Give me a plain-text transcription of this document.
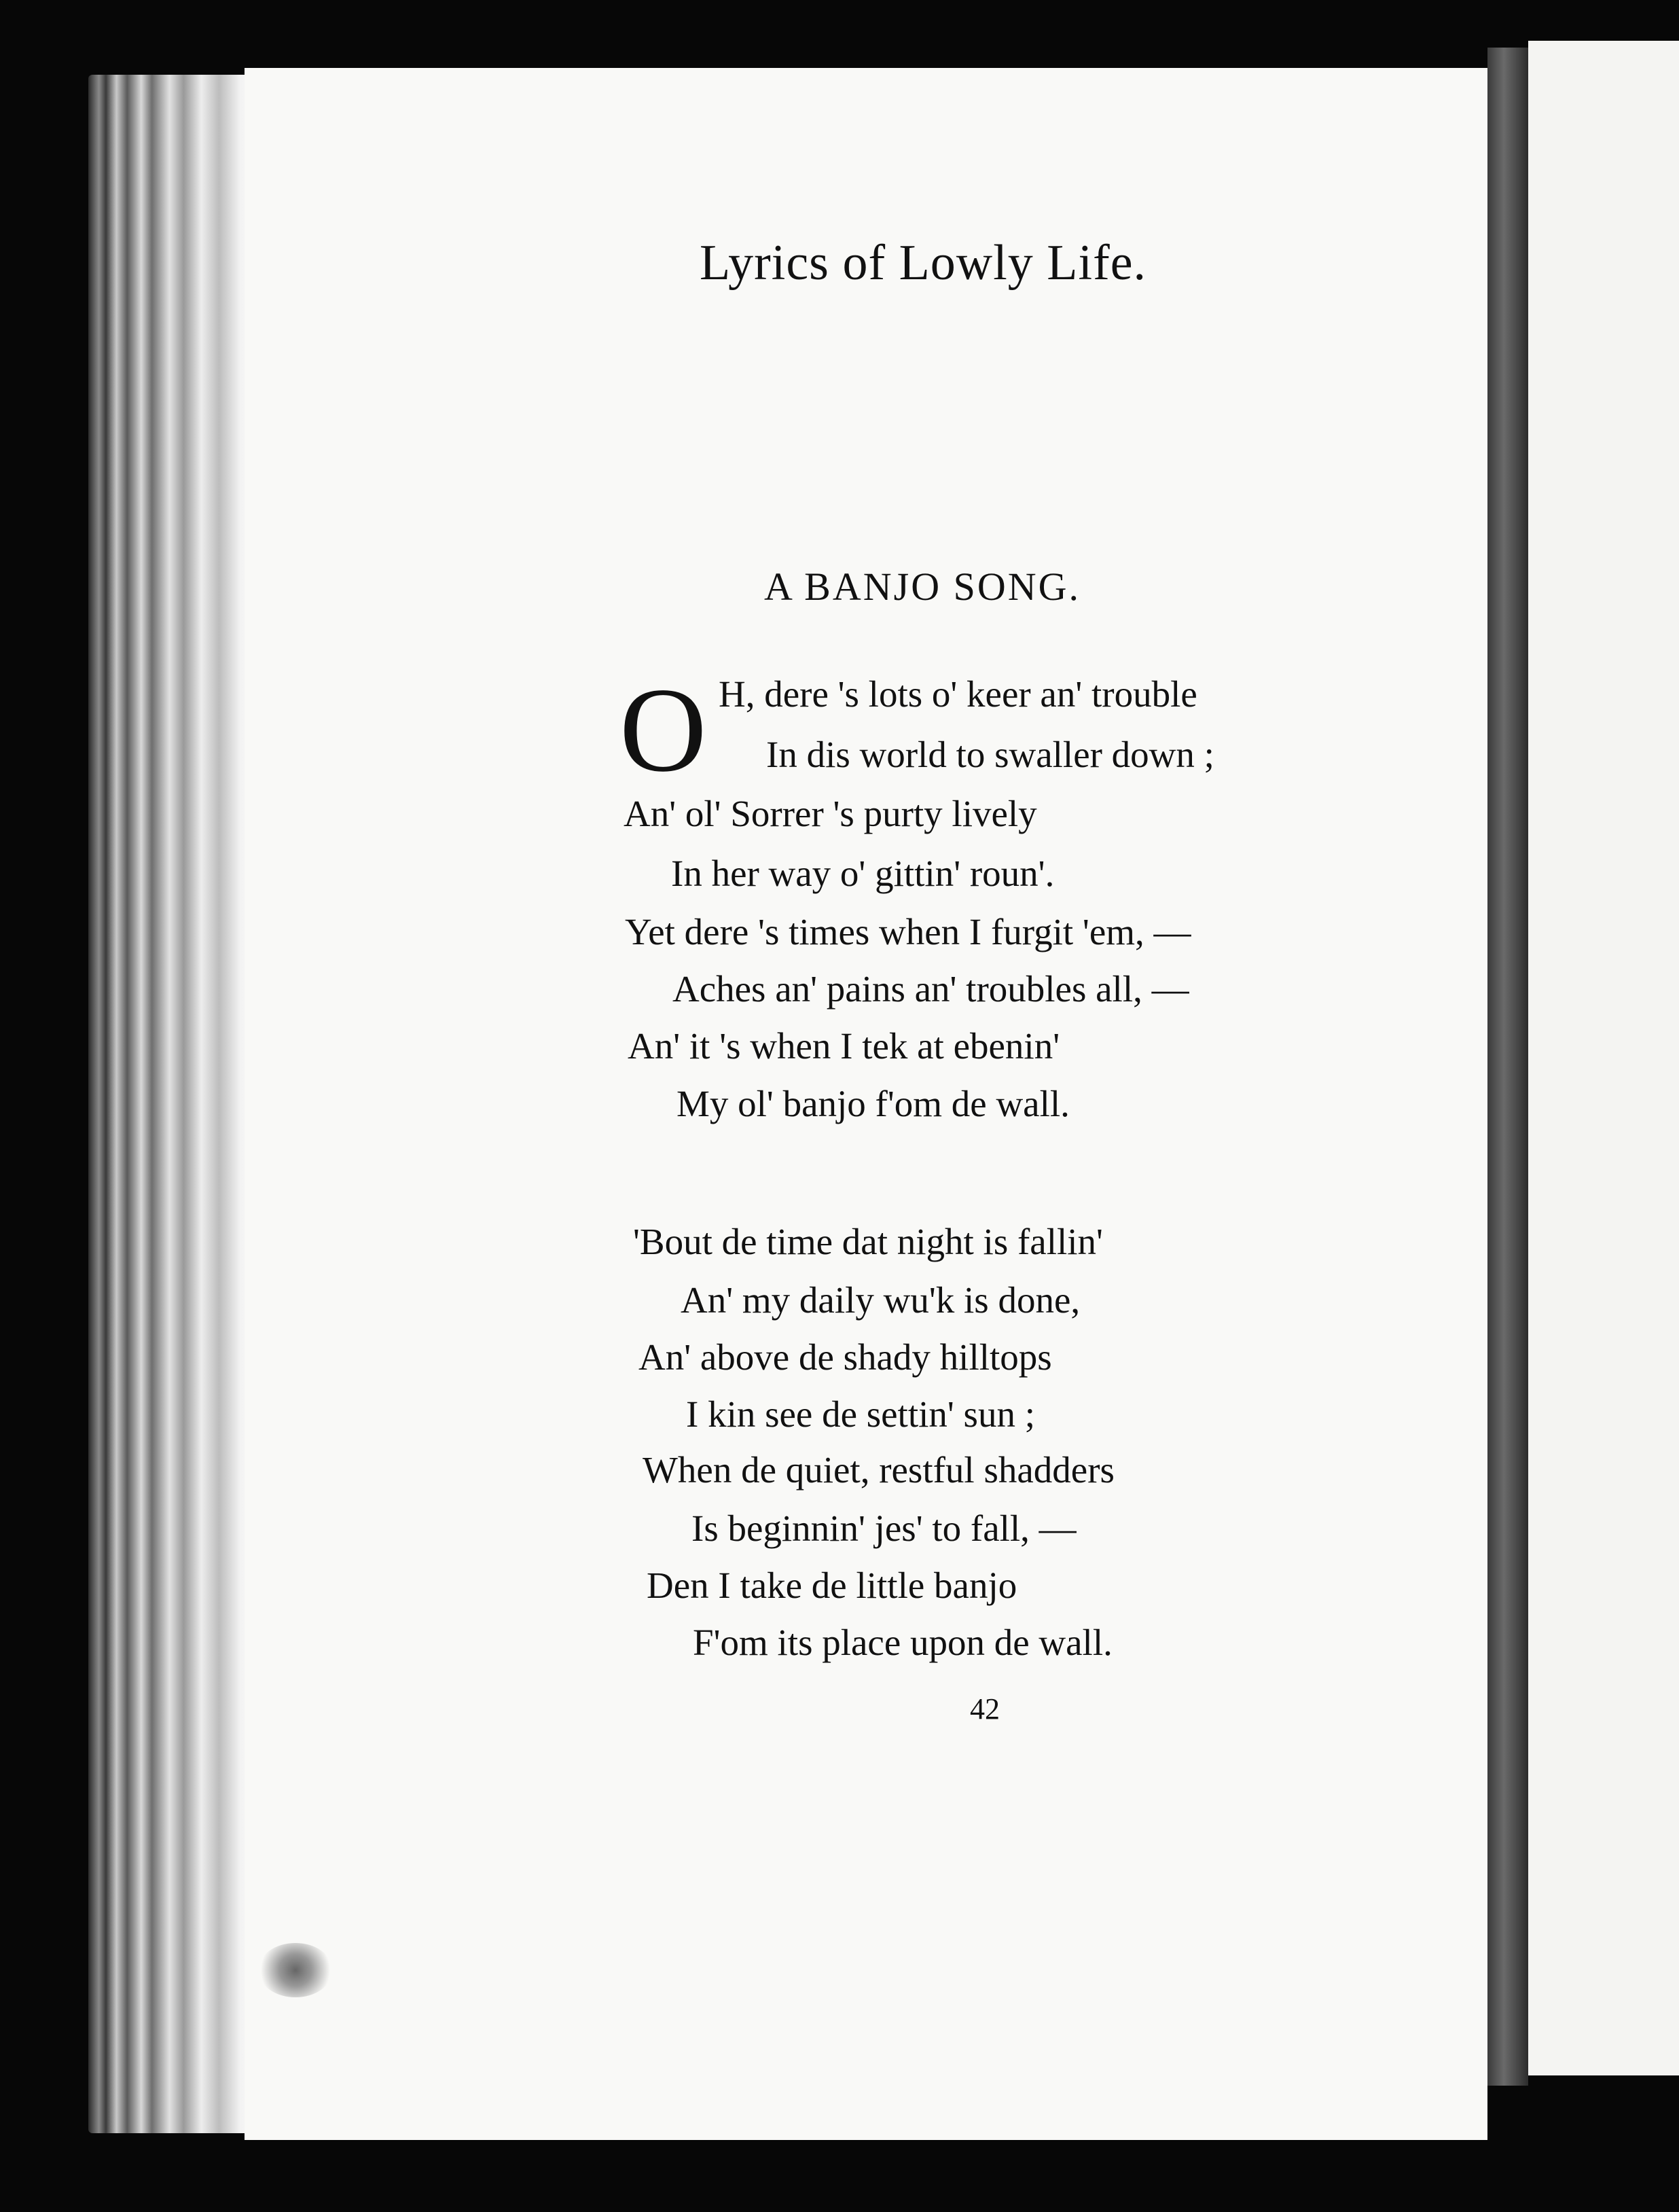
Lyrics of Lowly Life.
A BANJO SONG.
O H, dere 's lots o' keer an' trouble
In dis world to swaller down ;
An' ol' Sorrer 's purty lively
In her way o' gittin' roun'.
Yet dere 's times when I furgit 'em, —
Aches an' pains an' troubles all, —
An' it 's when I tek at ebenin'
My ol' banjo f'om de wall.
'Bout de time dat night is fallin'
An' my daily wu'k is done,
An' above de shady hilltops
I kin see de settin' sun ;
When de quiet, restful shadders
Is beginnin' jes' to fall, —
Den I take de little banjo
F'om its place upon de wall.
42
